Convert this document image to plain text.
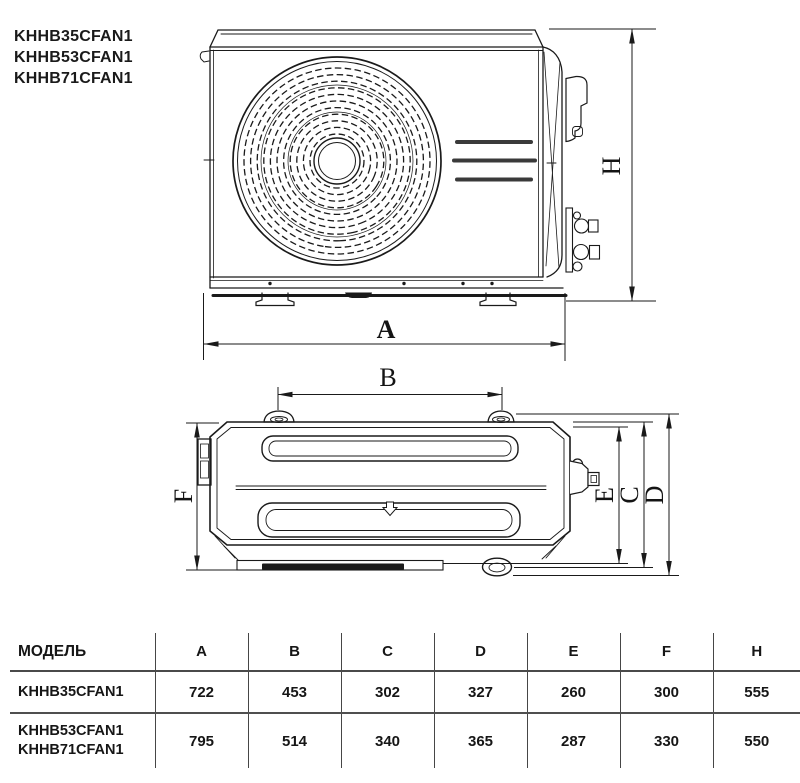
KHHB35CFAN1
KHHB53CFAN1
KHHB71CFAN1
A
H
B
F	E
C
D
МОДЕЛЬ	A	B	C	D	E	F	H

KHHB35CFAN1	722	453	302	327	260	300	555

KHHB53CFAN1
KHHB71CFAN1	795	514	340	365	287	330	550
